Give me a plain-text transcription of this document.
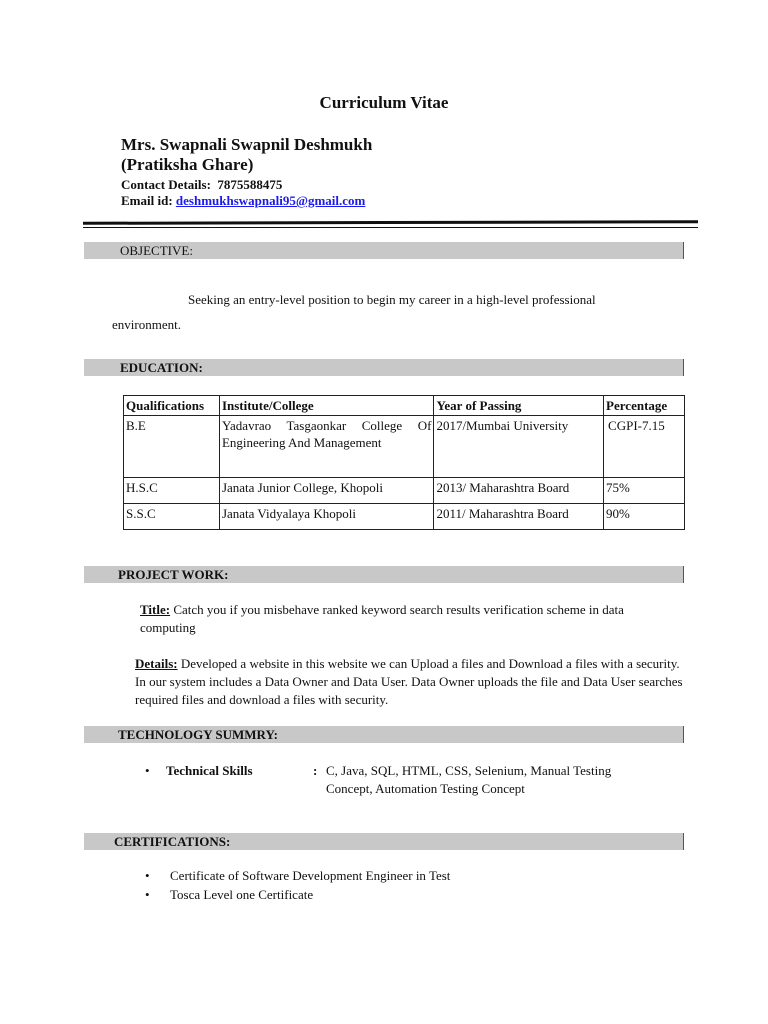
Curriculum Vitae
Mrs. Swapnali Swapnil Deshmukh
(Pratiksha Ghare)
Contact Details: 7875588475
Email id: deshmukhswapnali95@gmail.com
OBJECTIVE:
Seeking an entry-level position to begin my career in a high-level professional
environment.
EDUCATION:
Qualifications	Institute/College	Year of Passing	Percentage
B.E	Yadavrao Tasgaonkar College Of Engineering And Management	2017/Mumbai University	CGPI-7.15
H.S.C	Janata Junior College, Khopoli	2013/ Maharashtra Board	75%
S.S.C	Janata Vidyalaya Khopoli	2011/ Maharashtra Board	90%
PROJECT WORK:
Title: Catch you if you misbehave ranked keyword search results verification scheme in data computing
Details: Developed a website in this website we can Upload a files and Download a files with a security. In our system includes a Data Owner and Data User. Data Owner uploads the file and Data User searches required files and download a files with security.
TECHNOLOGY SUMMRY:
• Technical Skills	: C, Java, SQL, HTML, CSS, Selenium, Manual Testing
Concept, Automation Testing Concept
CERTIFICATIONS:
• Certificate of Software Development Engineer in Test
• Tosca Level one Certificate
